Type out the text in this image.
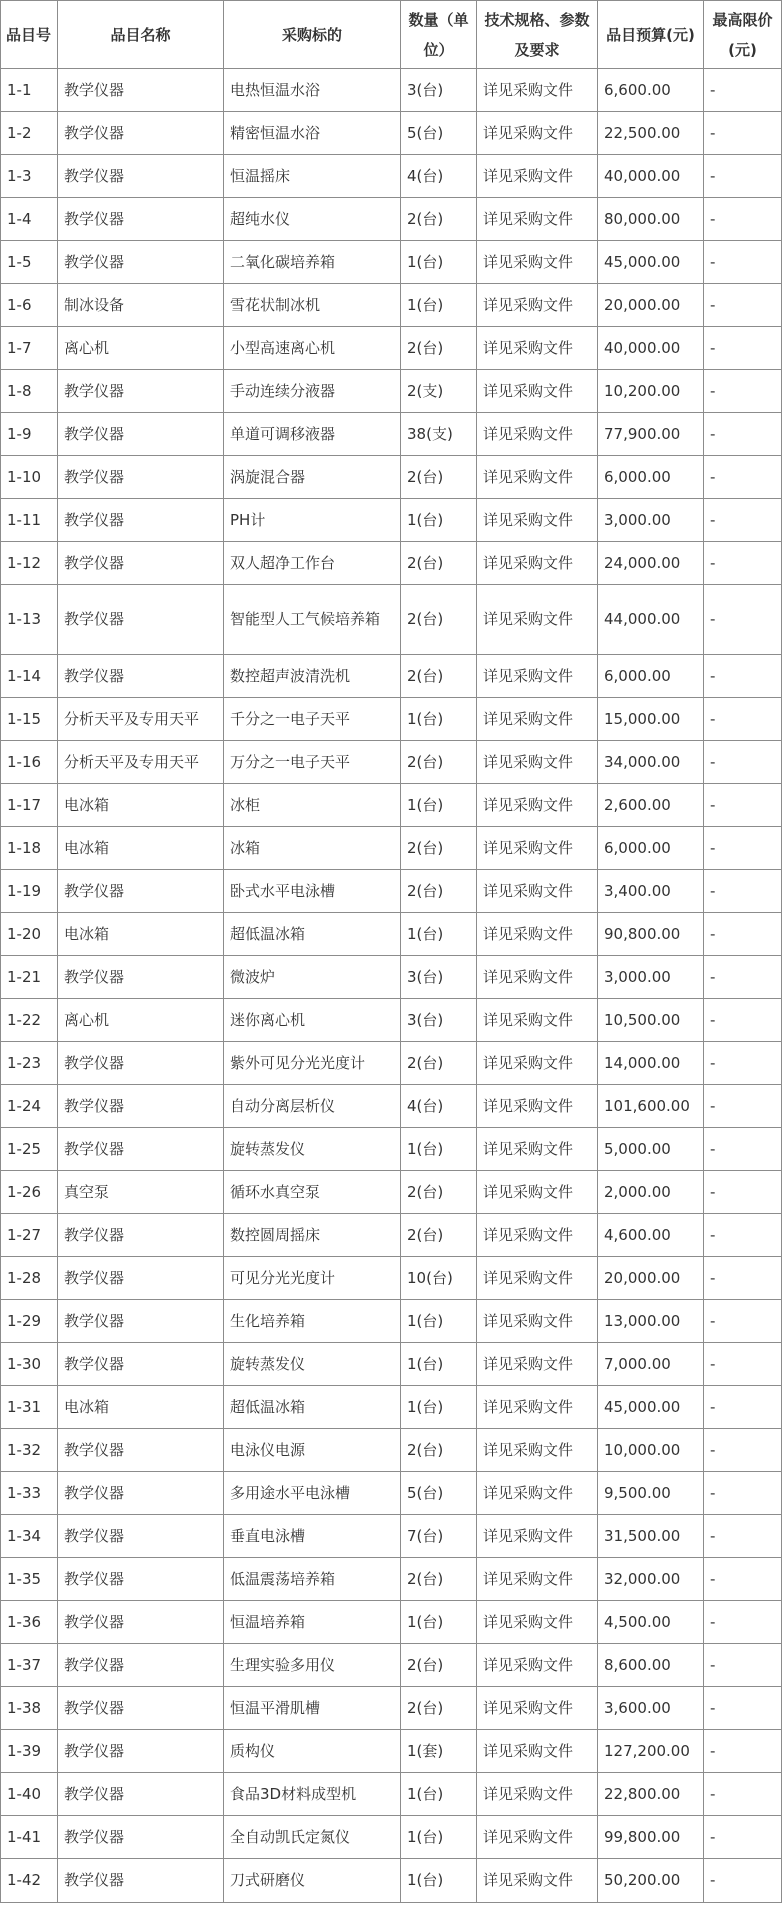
品目号	品目名称	采购标的	数量（单位）	技术规格、参数及要求	品目预算(元)	最高限价(元)
1-1	教学仪器	电热恒温水浴	3(台)	详见采购文件	6,600.00	-
1-2	教学仪器	精密恒温水浴	5(台)	详见采购文件	22,500.00	-
1-3	教学仪器	恒温摇床	4(台)	详见采购文件	40,000.00	-
1-4	教学仪器	超纯水仪	2(台)	详见采购文件	80,000.00	-
1-5	教学仪器	二氧化碳培养箱	1(台)	详见采购文件	45,000.00	-
1-6	制冰设备	雪花状制冰机	1(台)	详见采购文件	20,000.00	-
1-7	离心机	小型高速离心机	2(台)	详见采购文件	40,000.00	-
1-8	教学仪器	手动连续分液器	2(支)	详见采购文件	10,200.00	-
1-9	教学仪器	单道可调移液器	38(支)	详见采购文件	77,900.00	-
1-10	教学仪器	涡旋混合器	2(台)	详见采购文件	6,000.00	-
1-11	教学仪器	PH计	1(台)	详见采购文件	3,000.00	-
1-12	教学仪器	双人超净工作台	2(台)	详见采购文件	24,000.00	-
1-13	教学仪器	智能型人工气候培养箱	2(台)	详见采购文件	44,000.00	-
1-14	教学仪器	数控超声波清洗机	2(台)	详见采购文件	6,000.00	-
1-15	分析天平及专用天平	千分之一电子天平	1(台)	详见采购文件	15,000.00	-
1-16	分析天平及专用天平	万分之一电子天平	2(台)	详见采购文件	34,000.00	-
1-17	电冰箱	冰柜	1(台)	详见采购文件	2,600.00	-
1-18	电冰箱	冰箱	2(台)	详见采购文件	6,000.00	-
1-19	教学仪器	卧式水平电泳槽	2(台)	详见采购文件	3,400.00	-
1-20	电冰箱	超低温冰箱	1(台)	详见采购文件	90,800.00	-
1-21	教学仪器	微波炉	3(台)	详见采购文件	3,000.00	-
1-22	离心机	迷你离心机	3(台)	详见采购文件	10,500.00	-
1-23	教学仪器	紫外可见分光光度计	2(台)	详见采购文件	14,000.00	-
1-24	教学仪器	自动分离层析仪	4(台)	详见采购文件	101,600.00	-
1-25	教学仪器	旋转蒸发仪	1(台)	详见采购文件	5,000.00	-
1-26	真空泵	循环水真空泵	2(台)	详见采购文件	2,000.00	-
1-27	教学仪器	数控圆周摇床	2(台)	详见采购文件	4,600.00	-
1-28	教学仪器	可见分光光度计	10(台)	详见采购文件	20,000.00	-
1-29	教学仪器	生化培养箱	1(台)	详见采购文件	13,000.00	-
1-30	教学仪器	旋转蒸发仪	1(台)	详见采购文件	7,000.00	-
1-31	电冰箱	超低温冰箱	1(台)	详见采购文件	45,000.00	-
1-32	教学仪器	电泳仪电源	2(台)	详见采购文件	10,000.00	-
1-33	教学仪器	多用途水平电泳槽	5(台)	详见采购文件	9,500.00	-
1-34	教学仪器	垂直电泳槽	7(台)	详见采购文件	31,500.00	-
1-35	教学仪器	低温震荡培养箱	2(台)	详见采购文件	32,000.00	-
1-36	教学仪器	恒温培养箱	1(台)	详见采购文件	4,500.00	-
1-37	教学仪器	生理实验多用仪	2(台)	详见采购文件	8,600.00	-
1-38	教学仪器	恒温平滑肌槽	2(台)	详见采购文件	3,600.00	-
1-39	教学仪器	质构仪	1(套)	详见采购文件	127,200.00	-
1-40	教学仪器	食品3D材料成型机	1(台)	详见采购文件	22,800.00	-
1-41	教学仪器	全自动凯氏定氮仪	1(台)	详见采购文件	99,800.00	-
1-42	教学仪器	刀式研磨仪	1(台)	详见采购文件	50,200.00	-
